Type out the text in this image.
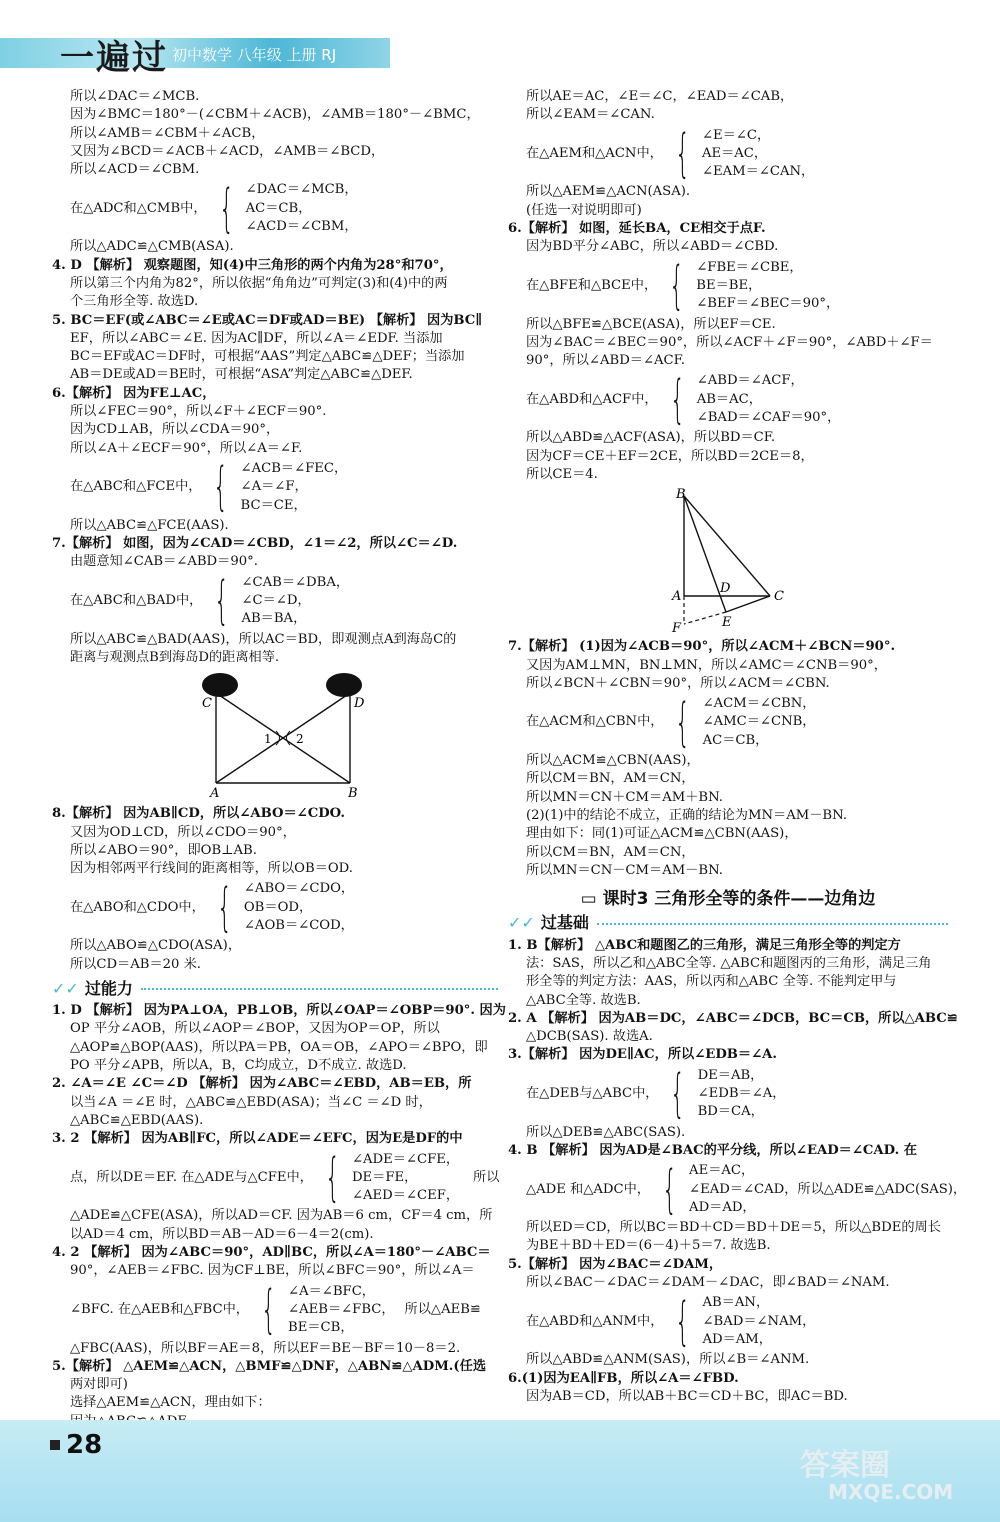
一遍过 初中数学 八年级 上册 RJ
所以∠DAC＝∠MCB.
因为∠BMC＝180°－(∠CBM＋∠ACB)，∠AMB＝180°－∠BMC，
所以∠AMB＝∠CBM＋∠ACB，
又因为∠BCD＝∠ACB＋∠ACD，∠AMB＝∠BCD，
所以∠ACD＝∠CBM.
在△ADC和△CMB中， { ∠DAC＝∠MCB，
AC＝CB，
∠ACD＝∠CBM，
所以△ADC≌△CMB(ASA).
4. D 【解析】 观察题图，知(4)中三角形的两个内角为28°和70°，
所以第三个内角为82°，所以依据“角角边”可判定(3)和(4)中的两
个三角形全等. 故选D.
5. BC＝EF(或∠ABC＝∠E或AC＝DF或AD＝BE) 【解析】 因为BC∥
EF，所以∠ABC＝∠E. 因为AC∥DF，所以∠A＝∠EDF. 当添加
BC＝EF或AC＝DF时，可根据“AAS”判定△ABC≌△DEF；当添加
AB＝DE或AD＝BE时，可根据“ASA”判定△ABC≌△DEF.
6.【解析】 因为FE⊥AC，
所以∠FEC＝90°，所以∠F＋∠ECF＝90°.
因为CD⊥AB，所以∠CDA＝90°，
所以∠A＋∠ECF＝90°，所以∠A＝∠F.
在△ABC和△FCE中， { ∠ACB＝∠FEC，
∠A＝∠F，
BC＝CE，
所以△ABC≌△FCE(AAS).
7.【解析】 如图，因为∠CAD＝∠CBD，∠1＝∠2，所以∠C＝∠D.
由题意知∠CAB＝∠ABD＝90°.
在△ABC和△BAD中， { ∠CAB＝∠DBA，
∠C＝∠D，
AB＝BA，
所以△ABC≌△BAD(AAS)，所以AC＝BD，即观测点A到海岛C的
距离与观测点B到海岛D的距离相等.
C	D
A	B
1 2
8.【解析】 因为AB∥CD，所以∠ABO＝∠CDO.
又因为OD⊥CD，所以∠CDO＝90°，
所以∠ABO＝90°，即OB⊥AB.
因为相邻两平行线间的距离相等，所以OB＝OD.
在△ABO和△CDO中， { ∠ABO＝∠CDO，
OB＝OD，
∠AOB＝∠COD，
所以△ABO≌△CDO(ASA)，
所以CD＝AB＝20 米.
✓✓ 过能力
1. D 【解析】 因为PA⊥OA，PB⊥OB，所以∠OAP＝∠OBP＝90°. 因为
OP 平分∠AOB，所以∠AOP＝∠BOP，又因为OP＝OP，所以
△AOP≌△BOP(AAS)，所以PA＝PB，OA＝OB，∠APO＝∠BPO，即
PO 平分∠APB，所以A，B，C均成立，D不成立. 故选D.
2. ∠A＝∠E ∠C＝∠D 【解析】 因为∠ABC＝∠EBD，AB＝EB，所
以当∠A ＝∠E 时，△ABC≌△EBD(ASA)；当∠C ＝∠D 时，
△ABC≌△EBD(AAS).
3. 2 【解析】 因为AB∥FC，所以∠ADE＝∠EFC，因为E是DF的中
点，所以DE＝EF. 在△ADE与△CFE中， { ∠ADE＝∠CFE，
DE＝FE，
∠AED＝∠CEF，
所以
△ADE≌△CFE(ASA)，所以AD＝CF. 因为AB＝6 cm，CF＝4 cm，所
以AD＝4 cm，所以BD＝AB－AD＝6－4＝2(cm).
4. 2 【解析】 因为∠ABC＝90°，AD∥BC，所以∠A＝180°－∠ABC＝
90°，∠AEB＝∠FBC. 因为CF⊥BE，所以∠BFC＝90°，所以∠A＝
∠BFC. 在△AEB和△FBC中， { ∠A＝∠BFC，
∠AEB＝∠FBC，
BE＝CB，
所以△AEB≌
△FBC(AAS)，所以BF＝AE＝8，所以EF＝BE－BF＝10－8＝2.
5.【解析】 △AEM≌△ACN，△BMF≌△DNF，△ABN≌△ADM.(任选
两对即可)
选择△AEM≌△ACN，理由如下：
所以AE＝AC，∠E＝∠C，∠EAD＝∠CAB，
所以∠EAM＝∠CAN.
在△AEM和△ACN中， { ∠E＝∠C，
AE＝AC，
∠EAM＝∠CAN，
所以△AEM≌△ACN(ASA).
(任选一对说明即可)
6.【解析】 如图，延长BA，CE相交于点F.
因为BD平分∠ABC，所以∠ABD＝∠CBD.
在△BFE和△BCE中， { ∠FBE＝∠CBE，
BE＝BE，
∠BEF＝∠BEC＝90°，
所以△BFE≌△BCE(ASA)，所以EF＝CE.
因为∠BAC＝∠BEC＝90°，所以∠ACF＋∠F＝90°，∠ABD＋∠F＝
90°，所以∠ABD＝∠ACF.
在△ABD和△ACF中， { ∠ABD＝∠ACF，
AB＝AC，
∠BAD＝∠CAF＝90°，
所以△ABD≌△ACF(ASA)，所以BD＝CF.
因为CF＝CE＋EF＝2CE，所以BD＝2CE＝8，
所以CE＝4.
B
A
D
C
E
F
7.【解析】 (1)因为∠ACB＝90°，所以∠ACM＋∠BCN＝90°.
又因为AM⊥MN，BN⊥MN，所以∠AMC＝∠CNB＝90°，
所以∠BCN＋∠CBN＝90°，所以∠ACM＝∠CBN.
在△ACM和△CBN中， { ∠ACM＝∠CBN，
∠AMC＝∠CNB，
AC＝CB，
所以△ACM≌△CBN(AAS)，
所以CM＝BN，AM＝CN，
所以MN＝CN＋CM＝AM＋BN.
(2)(1)中的结论不成立，正确的结论为MN＝AM－BN.
理由如下：同(1)可证△ACM≌△CBN(AAS)，
所以CM＝BN，AM＝CN，
所以MN＝CN－CM＝AM－BN.
▭ 课时3 三角形全等的条件——边角边
✓✓ 过基础
1. B【解析】 △ABC和题图乙的三角形，满足三角形全等的判定方
法：SAS，所以乙和△ABC全等. △ABC和题图丙的三角形，满足三角
形全等的判定方法：AAS，所以丙和△ABC 全等. 不能判定甲与
△ABC全等. 故选B.
2. A 【解析】 因为AB＝DC，∠ABC＝∠DCB，BC＝CB，所以△ABC≌
△DCB(SAS). 故选A.
3.【解析】 因为DE∥AC，所以∠EDB＝∠A.
在△DEB与△ABC中， { DE＝AB，
∠EDB＝∠A，
BD＝CA，
所以△DEB≌△ABC(SAS).
4. B 【解析】 因为AD是∠BAC的平分线，所以∠EAD＝∠CAD. 在
△ADE 和△ADC中， { AE＝AC，
∠EAD＝∠CAD，所以△ADE≌△ADC(SAS)，
AD＝AD，
所以ED＝CD，所以BC＝BD＋CD＝BD＋DE＝5，所以△BDE的周长
为BE＋BD＋ED＝(6－4)＋5＝7. 故选B.
5.【解析】 因为∠BAC＝∠DAM，
所以∠BAC－∠DAC＝∠DAM－∠DAC，即∠BAD＝∠NAM.
在△ABD和△ANM中， { AB＝AN，
∠BAD＝∠NAM，
AD＝AM，
所以△ABD≌△ANM(SAS)，所以∠B＝∠ANM.
6.(1)因为EA∥FB，所以∠A＝∠FBD.
因为AB＝CD，所以AB＋BC＝CD＋BC，即AC＝BD.
28
答案圈
MXQE.COM
